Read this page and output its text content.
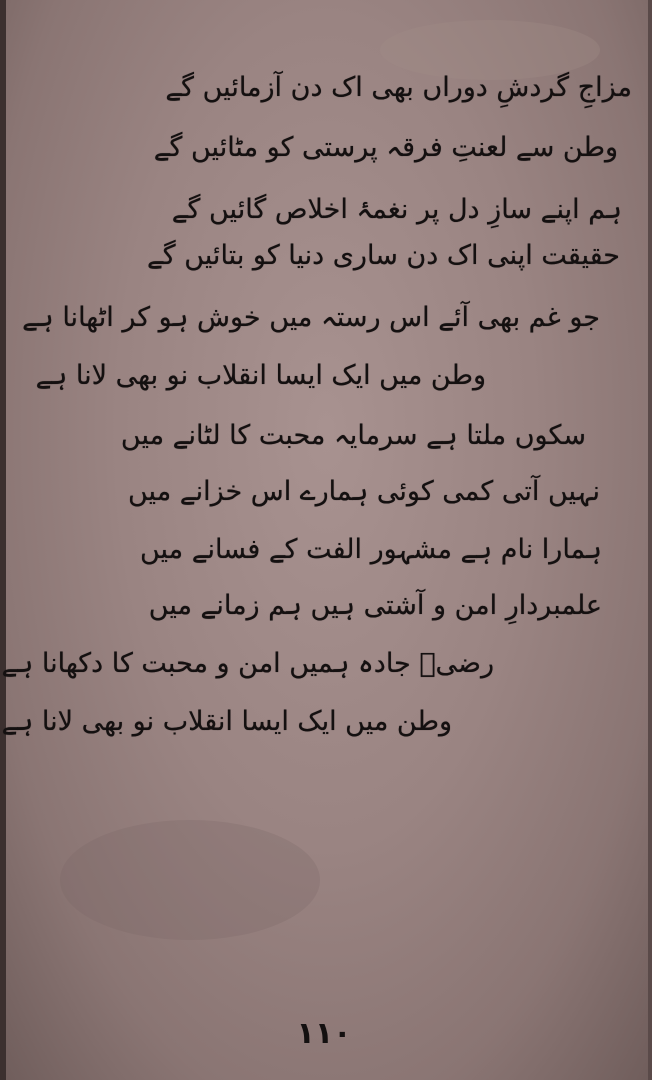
مزاجِ گردشِ دوراں بھی اک دن آزمائیں گے
وطن سے لعنتِ فرقہ پرستی کو مٹائیں گے
ہم اپنے سازِ دل پر نغمۂ اخلاص گائیں گے
حقیقت اپنی اک دن ساری دنیا کو بتائیں گے
جو غم بھی آئے اس رستہ میں خوش ہو کر اٹھانا ہے
وطن میں ایک ایسا انقلاب نو بھی لانا ہے
سکوں ملتا ہے سرمایہ محبت کا لٹانے میں
نہیں آتی کمی کوئی ہمارے اس خزانے میں
ہمارا نام ہے مشہور الفت کے فسانے میں
علمبردارِ امن و آشتی ہیں ہم زمانے میں
رضیؔ جادہ ہمیں امن و محبت کا دکھانا ہے
وطن میں ایک ایسا انقلاب نو بھی لانا ہے
۱۱۰
